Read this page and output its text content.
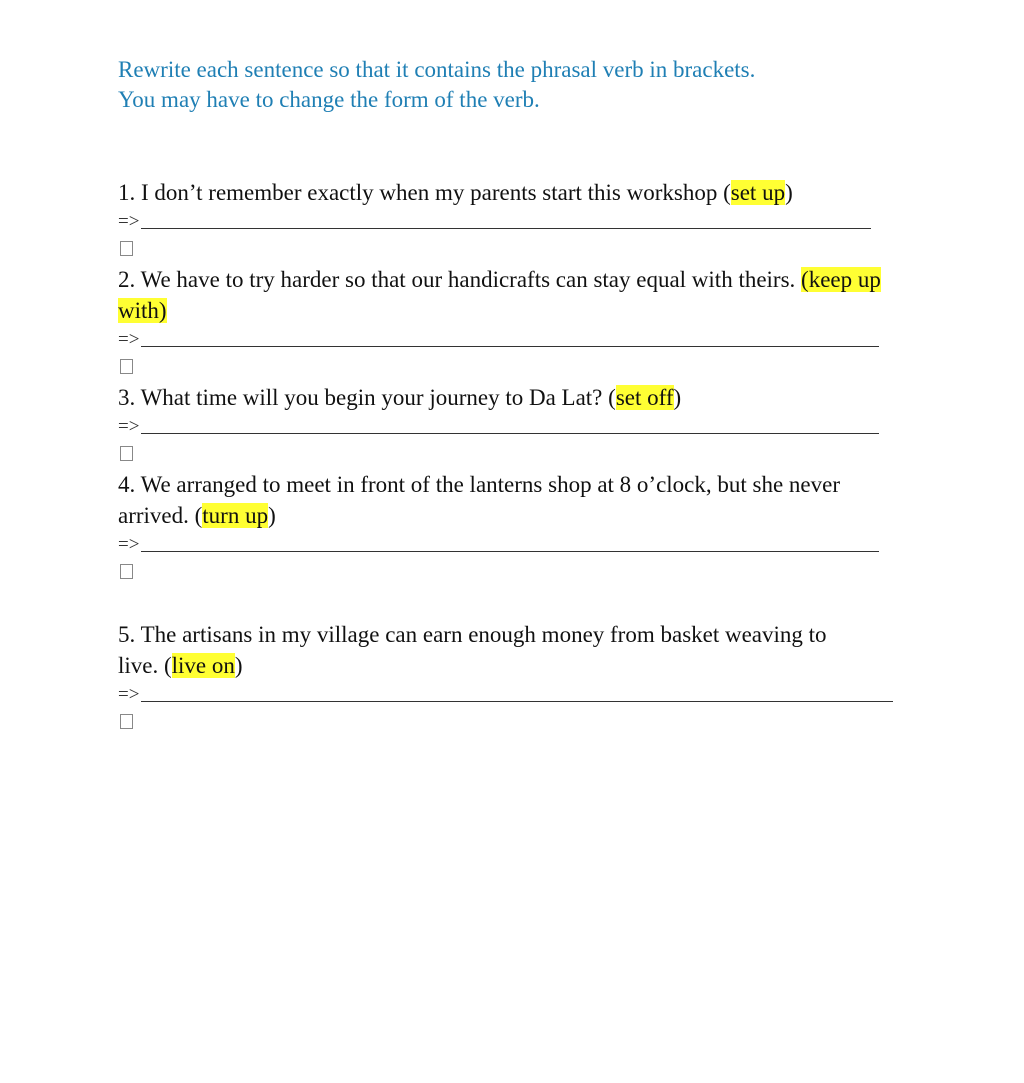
Rewrite each sentence so that it contains the phrasal verb in brackets.
You may have to change the form of the verb.

1. I don’t remember exactly when my parents start this workshop (set up)

=>

2. We have to try harder so that our handicrafts can stay equal with theirs. (keep up with)

=>

3. What time will you begin your journey to Da Lat? (set off)

=>

4. We arranged to meet in front of the lanterns shop at 8 o’clock, but she never arrived. (turn up)

=>

5. The artisans in my village can earn enough money from basket weaving to live. (live on)

=>
